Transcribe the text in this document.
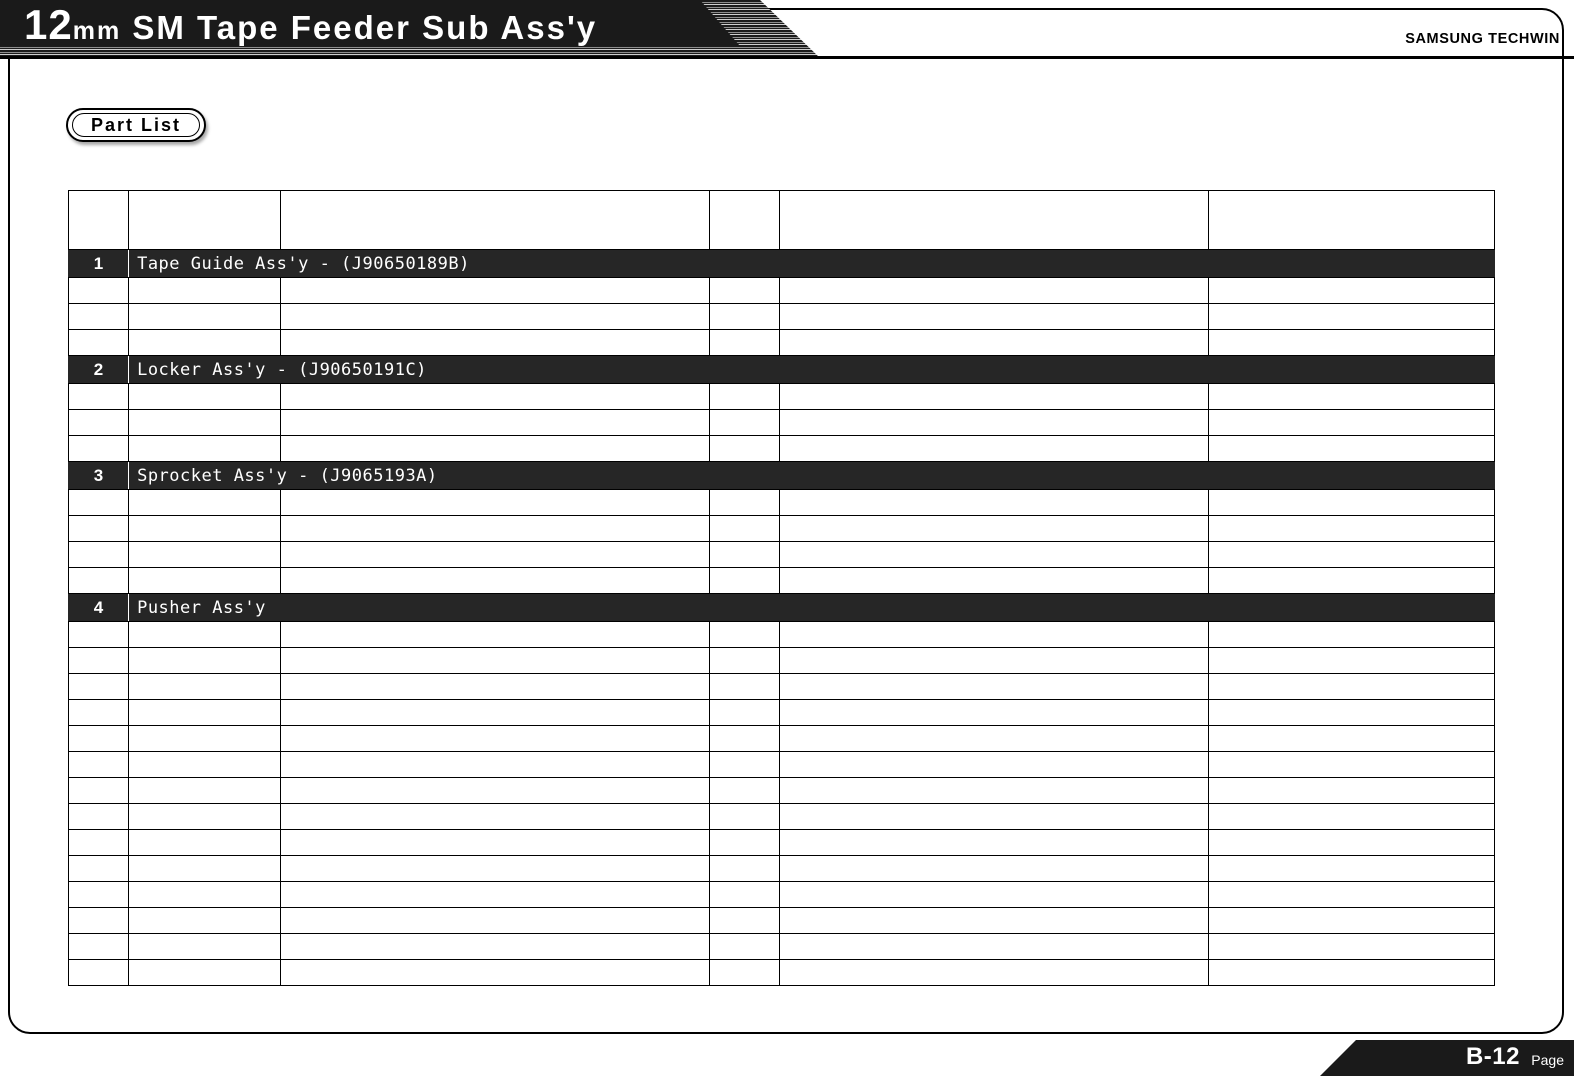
12mm SM Tape Feeder Sub Ass'y	SAMSUNG TECHWIN
Part List

1	Tape Guide Ass'y - (J90650189B)				

2	Locker Ass'y - (J90650191C)				

3	Sprocket Ass'y - (J9065193A)				

4	Pusher Ass'y				

B-12 Page
